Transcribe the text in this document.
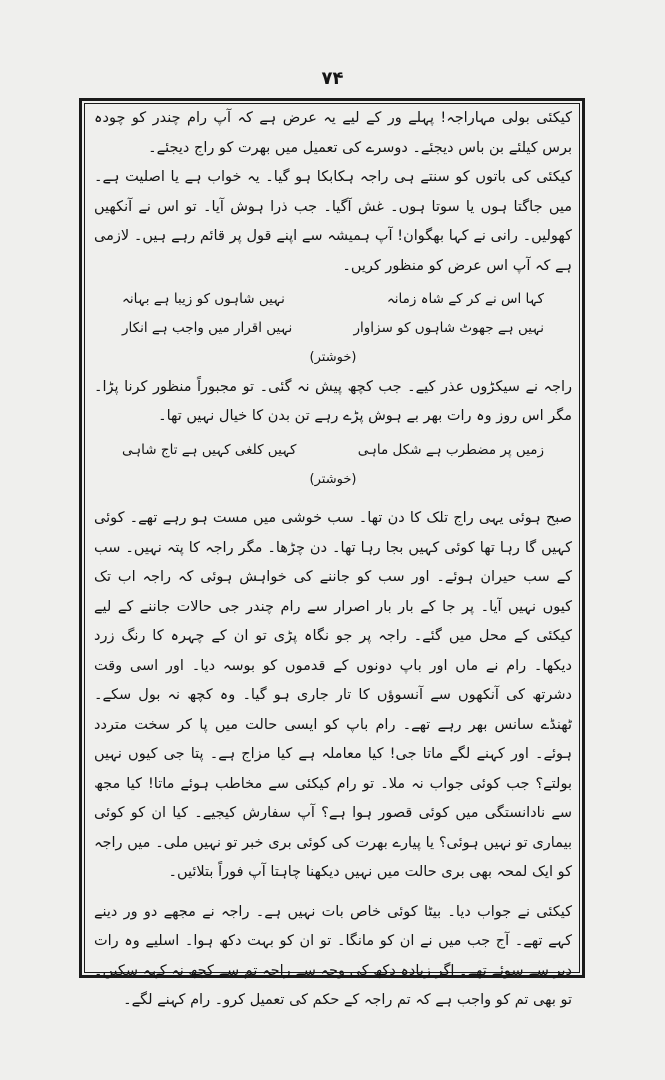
۷۴

کیکئی بولی مہاراجہ! پہلے ور کے لیے یہ عرض ہے کہ آپ رام چندر کو چودہ برس کیلئے بن باس دیجئے۔ دوسرے کی تعمیل میں بھرت کو راج دیجئے۔

کیکئی کی باتوں کو سنتے ہی راجہ ہکابکا ہو گیا۔ یہ خواب ہے یا اصلیت ہے۔ میں جاگتا ہوں یا سوتا ہوں۔ غش آگیا۔ جب ذرا ہوش آیا۔ تو اس نے آنکھیں کھولیں۔ رانی نے کہا بھگوان! آپ ہمیشہ سے اپنے قول پر قائم رہے ہیں۔ لازمی ہے کہ آپ اس عرض کو منظور کریں۔

کہا اس نے کر کے شاہ زمانہ
نہیں شاہوں کو زیبا ہے بہانہ
نہیں ہے جھوٹ شاہوں کو سزاوار
نہیں اقرار میں واجب ہے انکار

(خوشتر)

راجہ نے سیکڑوں عذر کیے۔ جب کچھ پیش نہ گئی۔ تو مجبوراً منظور کرنا پڑا۔ مگر اس روز وہ رات بھر بے ہوش پڑے رہے تن بدن کا خیال نہیں تھا۔

زمیں پر مضطرب ہے شکل ماہی
کہیں کلغی کہیں ہے تاج شاہی

(خوشتر)

صبح ہوئی یہی راج تلک کا دن تھا۔ سب خوشی میں مست ہو رہے تھے۔ کوئی کہیں گا رہا تھا کوئی کہیں بجا رہا تھا۔ دن چڑھا۔ مگر راجہ کا پتہ نہیں۔ سب کے سب حیران ہوئے۔ اور سب کو جاننے کی خواہش ہوئی کہ راجہ اب تک کیوں نہیں آیا۔ پر جا کے بار بار اصرار سے رام چندر جی حالات جاننے کے لیے کیکئی کے محل میں گئے۔ راجہ پر جو نگاہ پڑی تو ان کے چہرہ کا رنگ زرد دیکھا۔ رام نے ماں اور باپ دونوں کے قدموں کو بوسہ دیا۔ اور اسی وقت دشرتھ کی آنکھوں سے آنسوؤں کا تار جاری ہو گیا۔ وہ کچھ نہ بول سکے۔ ٹھنڈے سانس بھر رہے تھے۔ رام باپ کو ایسی حالت میں پا کر سخت متردد ہوئے۔ اور کہنے لگے ماتا جی! کیا معاملہ ہے کیا مزاج ہے۔ پتا جی کیوں نہیں بولتے؟ جب کوئی جواب نہ ملا۔ تو رام کیکئی سے مخاطب ہوئے ماتا! کیا مجھ سے نادانستگی میں کوئی قصور ہوا ہے؟ آپ سفارش کیجیے۔ کیا ان کو کوئی بیماری تو نہیں ہوئی؟ یا پیارے بھرت کی کوئی بری خبر تو نہیں ملی۔ میں راجہ کو ایک لمحہ بھی بری حالت میں نہیں دیکھنا چاہتا آپ فوراً بتلائیں۔

کیکئی نے جواب دیا۔ بیٹا کوئی خاص بات نہیں ہے۔ راجہ نے مجھے دو ور دینے کہے تھے۔ آج جب میں نے ان کو مانگا۔ تو ان کو بہت دکھ ہوا۔ اسلیے وہ رات دیر سے سوئے تھے۔ اگر زیادہ دکھ کی وجہ سے راجہ تم سے کچھ نہ کہہ سکیں۔ تو بھی تم کو واجب ہے کہ تم راجہ کے حکم کی تعمیل کرو۔ رام کہنے لگے۔
